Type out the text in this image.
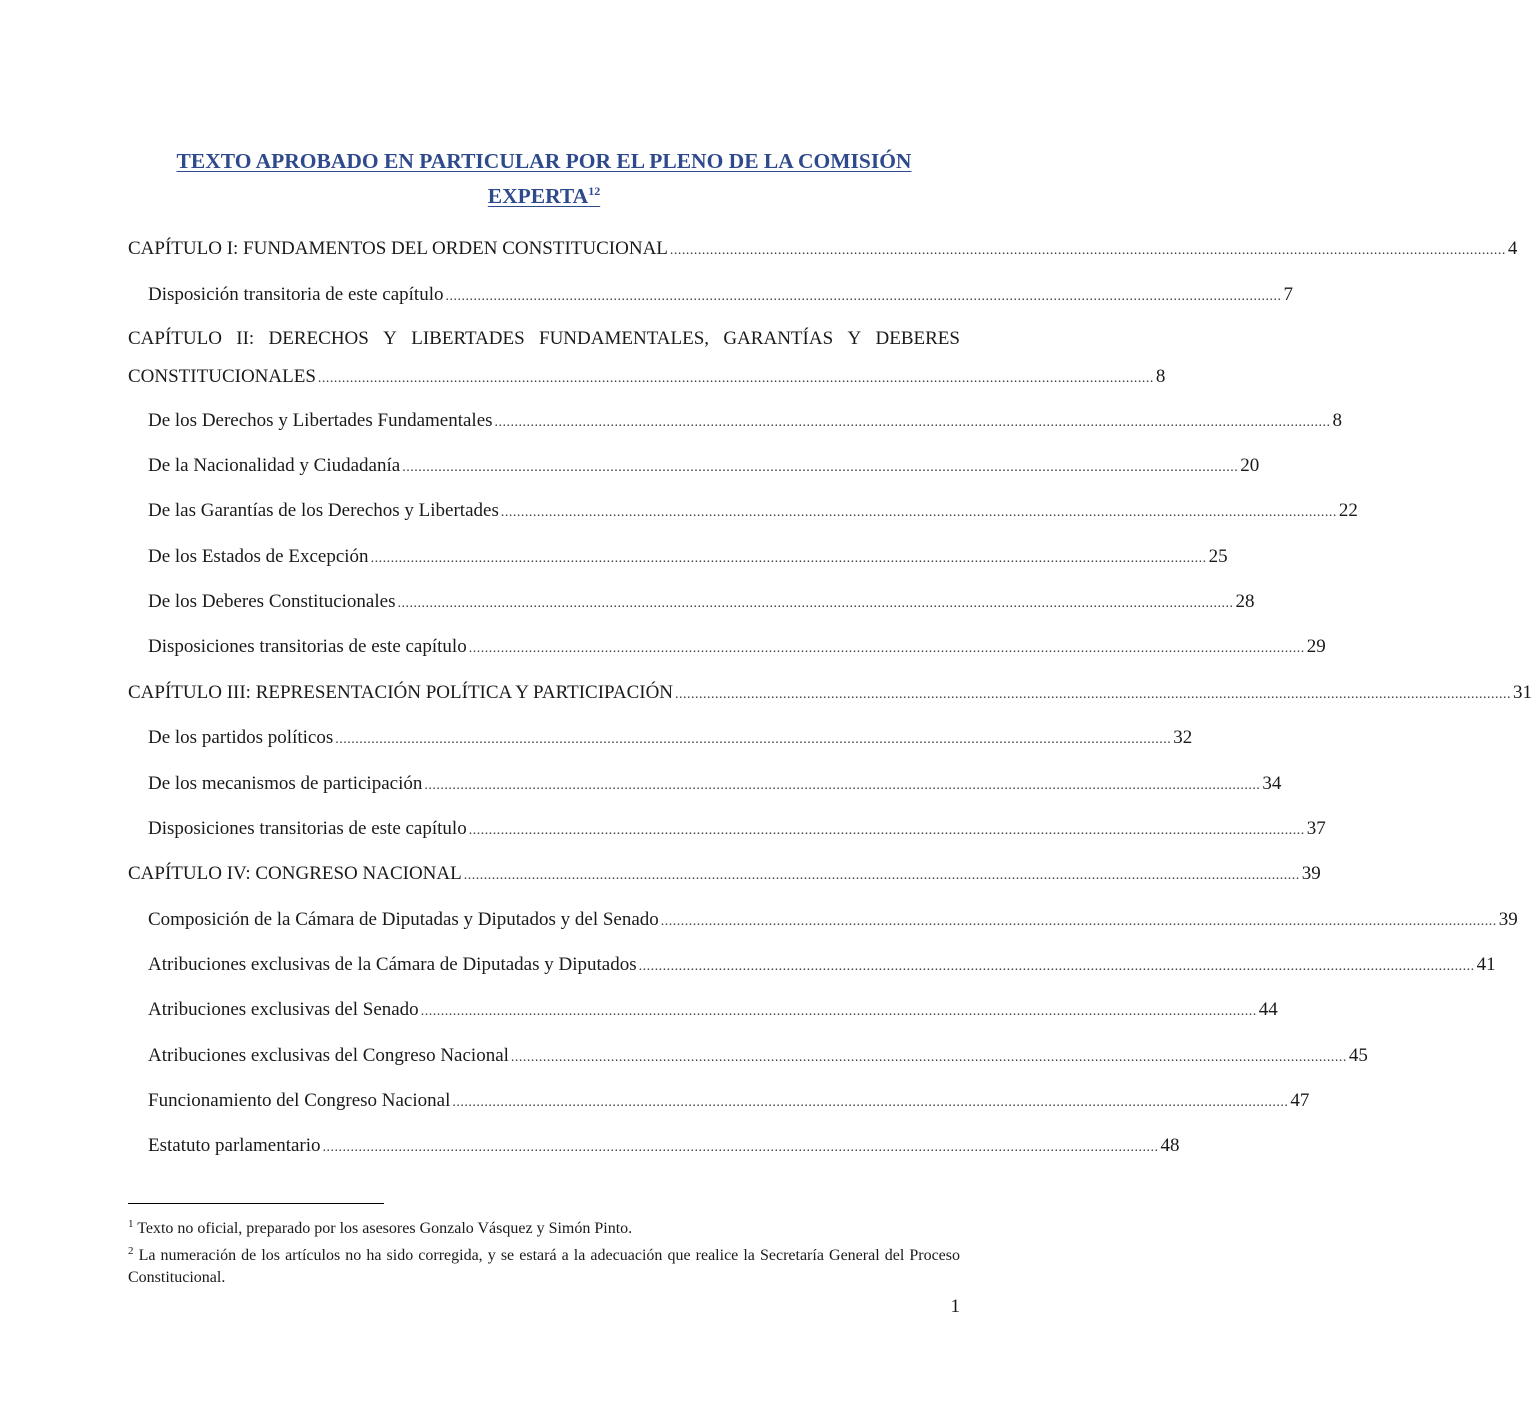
TEXTO APROBADO EN PARTICULAR POR EL PLENO DE LA COMISIÓN
EXPERTA$^{12}$
CAPÍTULO I: FUNDAMENTOS DEL ORDEN CONSTITUCIONAL ................................................................................................................................................................................................................. 4
Disposición transitoria de este capítulo ................................................................................................................................................................................................................. 7
CAPÍTULO II: DERECHOS Y LIBERTADES FUNDAMENTALES, GARANTÍAS Y DEBERES
CONSTITUCIONALES ................................................................................................................................................................................................................. 8
De los Derechos y Libertades Fundamentales ................................................................................................................................................................................................................. 8
De la Nacionalidad y Ciudadanía ................................................................................................................................................................................................................. 20
De las Garantías de los Derechos y Libertades ................................................................................................................................................................................................................. 22
De los Estados de Excepción ................................................................................................................................................................................................................. 25
De los Deberes Constitucionales ................................................................................................................................................................................................................. 28
Disposiciones transitorias de este capítulo ................................................................................................................................................................................................................. 29
CAPÍTULO III: REPRESENTACIÓN POLÍTICA Y PARTICIPACIÓN ................................................................................................................................................................................................................. 31
De los partidos políticos ................................................................................................................................................................................................................. 32
De los mecanismos de participación ................................................................................................................................................................................................................. 34
Disposiciones transitorias de este capítulo ................................................................................................................................................................................................................. 37
CAPÍTULO IV: CONGRESO NACIONAL ................................................................................................................................................................................................................. 39
Composición de la Cámara de Diputadas y Diputados y del Senado ................................................................................................................................................................................................................. 39
Atribuciones exclusivas de la Cámara de Diputadas y Diputados ................................................................................................................................................................................................................. 41
Atribuciones exclusivas del Senado ................................................................................................................................................................................................................. 44
Atribuciones exclusivas del Congreso Nacional ................................................................................................................................................................................................................. 45
Funcionamiento del Congreso Nacional ................................................................................................................................................................................................................. 47
Estatuto parlamentario ................................................................................................................................................................................................................. 48

$^1$ Texto no oficial, preparado por los asesores Gonzalo Vásquez y Simón Pinto.

$^2$ La numeración de los artículos no ha sido corregida, y se estará a la adecuación que realice la Secretaría General del Proceso Constitucional.

1
